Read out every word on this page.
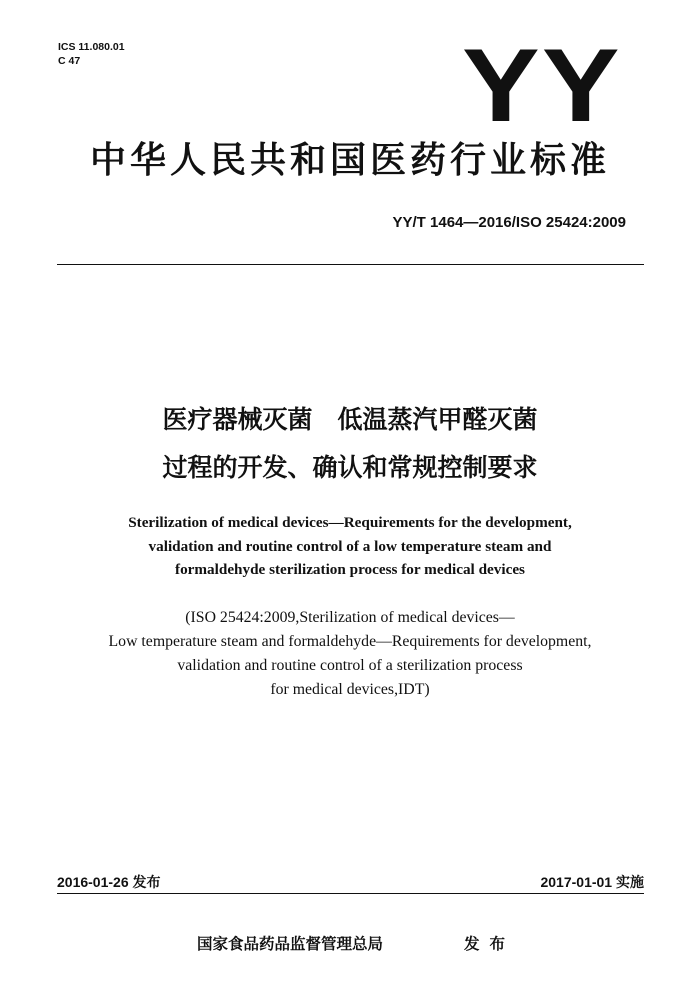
ICS 11.080.01
C 47	YY
中华人民共和国医药行业标准
YY/T 1464—2016/ISO 25424:2009
医疗器械灭菌　低温蒸汽甲醛灭菌
过程的开发、确认和常规控制要求
Sterilization of medical devices—Requirements for the development,
validation and routine control of a low temperature steam and
formaldehyde sterilization process for medical devices
(ISO 25424:2009,Sterilization of medical devices—
Low temperature steam and formaldehyde—Requirements for development,
validation and routine control of a sterilization process
for medical devices,IDT)
2016-01-26 发布	2017-01-01 实施
国家食品药品监督管理总局	发布
